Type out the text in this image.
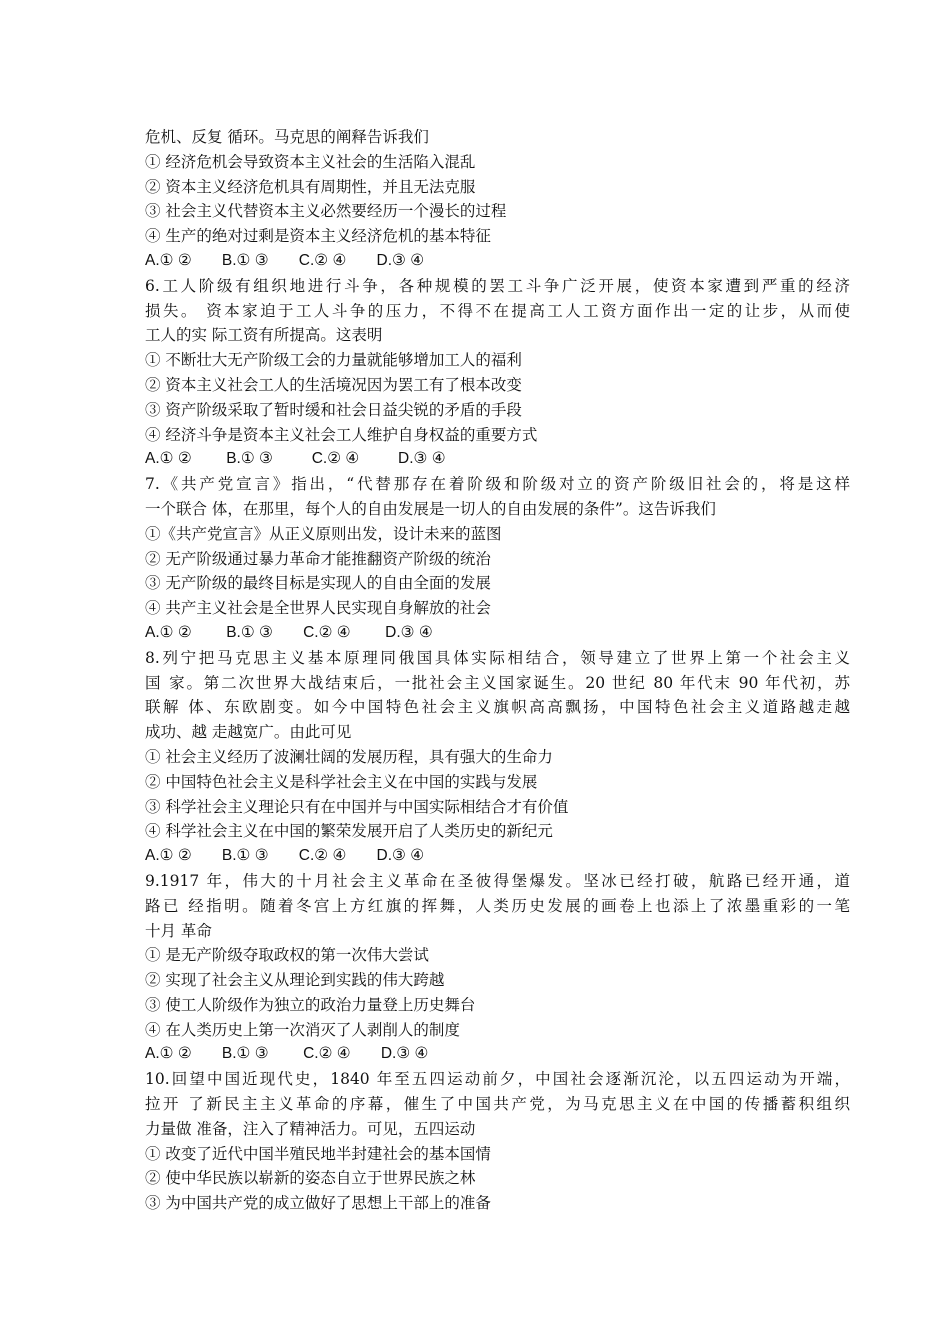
危机、反复 循环。马克思的阐释告诉我们
① 经济危机会导致资本主义社会的生活陷入混乱
② 资本主义经济危机具有周期性，并且无法克服
③ 社会主义代替资本主义必然要经历一个漫长的过程
④ 生产的绝对过剩是资本主义经济危机的基本特征
A.① ②       B.① ③       C.② ④       D.③ ④
6.工人阶级有组织地进行斗争，各种规模的罢工斗争广泛开展，使资本家遭到严重的经济
损失。 资本家迫于工人斗争的压力，不得不在提高工人工资方面作出一定的让步，从而使
工人的实 际工资有所提高。这表明
① 不断壮大无产阶级工会的力量就能够增加工人的福利
② 资本主义社会工人的生活境况因为罢工有了根本改变
③ 资产阶级采取了暂时缓和社会日益尖锐的矛盾的手段
④ 经济斗争是资本主义社会工人维护自身权益的重要方式
A.① ②        B.① ③         C.② ④         D.③ ④
7.《共产党宣言》指出，“代替那存在着阶级和阶级对立的资产阶级旧社会的，将是这样
一个联合 体，在那里，每个人的自由发展是一切人的自由发展的条件”。这告诉我们
①《共产党宣言》从正义原则出发，设计未来的蓝图
② 无产阶级通过暴力革命才能推翻资产阶级的统治
③ 无产阶级的最终目标是实现人的自由全面的发展
④ 共产主义社会是全世界人民实现自身解放的社会
A.① ②        B.① ③       C.② ④        D.③ ④
8.列宁把马克思主义基本原理同俄国具体实际相结合，领导建立了世界上第一个社会主义
国 家。第二次世界大战结束后，一批社会主义国家诞生。20 世纪 80 年代末 90 年代初，苏
联解 体、东欧剧变。如今中国特色社会主义旗帜高高飘扬，中国特色社会主义道路越走越
成功、越 走越宽广。由此可见
① 社会主义经历了波澜壮阔的发展历程，具有强大的生命力
② 中国特色社会主义是科学社会主义在中国的实践与发展
③ 科学社会主义理论只有在中国并与中国实际相结合才有价值
④ 科学社会主义在中国的繁荣发展开启了人类历史的新纪元
A.① ②       B.① ③       C.② ④       D.③ ④
9.1917 年，伟大的十月社会主义革命在圣彼得堡爆发。坚冰已经打破，航路已经开通，道
路已 经指明。随着冬宫上方红旗的挥舞，人类历史发展的画卷上也添上了浓墨重彩的一笔
十月 革命
① 是无产阶级夺取政权的第一次伟大尝试
② 实现了社会主义从理论到实践的伟大跨越
③ 使工人阶级作为独立的政治力量登上历史舞台
④ 在人类历史上第一次消灭了人剥削人的制度
A.① ②       B.① ③        C.② ④       D.③ ④
10.回望中国近现代史，1840 年至五四运动前夕，中国社会逐渐沉沦，以五四运动为开端，
拉开 了新民主主义革命的序幕，催生了中国共产党，为马克思主义在中国的传播蓄积组织
力量做 准备，注入了精神活力。可见，五四运动
① 改变了近代中国半殖民地半封建社会的基本国情
② 使中华民族以崭新的姿态自立于世界民族之林
③ 为中国共产党的成立做好了思想上干部上的准备
